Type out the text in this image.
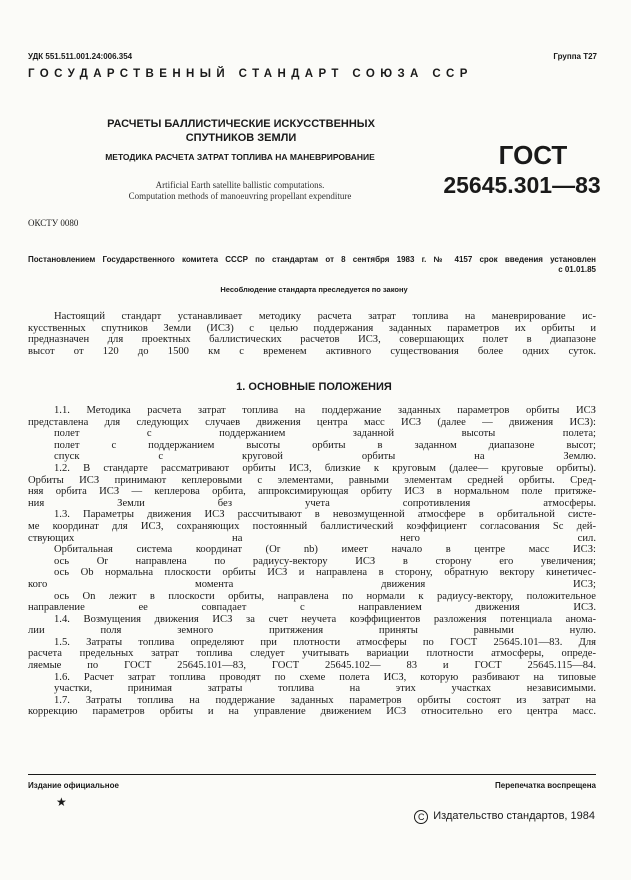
УДК 551.511.001.24:006.354	Группа Т27
ГОСУДАРСТВЕННЫЙ СТАНДАРТ СОЮЗА ССР
РАСЧЕТЫ БАЛЛИСТИЧЕСКИЕ ИСКУССТВЕННЫХ
СПУТНИКОВ ЗЕМЛИ
МЕТОДИКА РАСЧЕТА ЗАТРАТ ТОПЛИВА НА МАНЕВРИРОВАНИЕ
Artificial Earth satellite ballistic computations.
Computation methods of manoeuvring propellant expenditure
ГОСТ
25645.301—83
ОКСТУ 0080
Постановлением Государственного комитета СССР по стандартам от 8 сентября 1983 г. № 4157 срок введения установлен
с 01.01.85
Несоблюдение стандарта преследуется по закону
Настоящий стандарт устанавливает методику расчета затрат топлива на маневрирование ис-
кусственных спутников Земли (ИСЗ) с целью поддержания заданных параметров их орбиты и
предназначен для проектных баллистических расчетов ИСЗ, совершающих полет в диапазоне
высот от 120 до 1500 км с временем активного существования более одних суток.
1. ОСНОВНЫЕ ПОЛОЖЕНИЯ
1.1. Методика расчета затрат топлива на поддержание заданных параметров орбиты ИСЗ
представлена для следующих случаев движения центра масс ИСЗ (далее — движения ИСЗ):
полет с поддержанием заданной высоты полета;
полет с поддержанием высоты орбиты в заданном диапазоне высот;
спуск с круговой орбиты на Землю.
1.2. В стандарте рассматривают орбиты ИСЗ, близкие к круговым (далее— круговые орбиты).
Орбиты ИСЗ принимают кеплеровыми с элементами, равными элементам средней орбиты. Сред-
няя орбита ИСЗ — кеплерова орбита, аппроксимирующая орбиту ИСЗ в нормальном поле притяже-
ния Земли без учета сопротивления атмосферы.
1.3. Параметры движения ИСЗ рассчитывают в невозмущенной атмосфере в орбитальной систе-
ме координат для ИСЗ, сохраняющих постоянный баллистический коэффициент согласования Sс дей-
ствующих на него сил.
Орбитальная система координат (Or nb) имеет начало в центре масс ИСЗ:
ось Or направлена по радиусу-вектору ИСЗ в сторону его увеличения;
ось Ob нормальна плоскости орбиты ИСЗ и направлена в сторону, обратную вектору кинетичес-
кого момента движения ИСЗ;
ось On лежит в плоскости орбиты, направлена по нормали к радиусу-вектору, положительное
направление ее совпадает с направлением движения ИСЗ.
1.4. Возмущения движения ИСЗ за счет неучета коэффициентов разложения потенциала анома-
лии поля земного притяжения приняты равными нулю.
1.5. Затраты топлива определяют при плотности атмосферы по ГОСТ 25645.101—83. Для
расчета предельных затрат топлива следует учитывать вариации плотности атмосферы, опреде-
ляемые по ГОСТ 25645.101—83, ГОСТ 25645.102— 83 и ГОСТ 25645.115—84.
1.6. Расчет затрат топлива проводят по схеме полета ИСЗ, которую разбивают на типовые
участки, принимая затраты топлива на этих участках независимыми.
1.7. Затраты топлива на поддержание заданных параметров орбиты состоят из затрат на
коррекцию параметров орбиты и на управление движением ИСЗ относительно его центра масс.
Издание официальное
★
Перепечатка воспрещена
С Издательство стандартов, 1984
